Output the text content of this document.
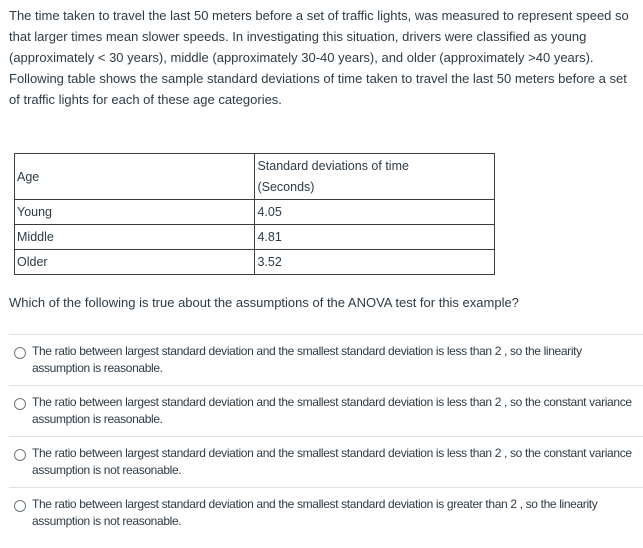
The time taken to travel the last 50 meters before a set of traffic lights, was measured to represent speed so that larger times mean slower speeds. In investigating this situation, drivers were classified as young (approximately < 30 years), middle (approximately 30-40 years), and older (approximately >40 years). Following table shows the sample standard deviations of time taken to travel the last 50 meters before a set of traffic lights for each of these age categories.

Age	Standard deviations of time
(Seconds)
Young	4.05
Middle	4.81
Older	3.52
Which of the following is true about the assumptions of the ANOVA test for this example?
The ratio between largest standard deviation and the smallest standard deviation is less than 2 , so the linearity assumption is reasonable.
The ratio between largest standard deviation and the smallest standard deviation is less than 2 , so the constant variance assumption is reasonable.
The ratio between largest standard deviation and the smallest standard deviation is less than 2 , so the constant variance assumption is not reasonable.
The ratio between largest standard deviation and the smallest standard deviation is greater than 2 , so the linearity assumption is not reasonable.
